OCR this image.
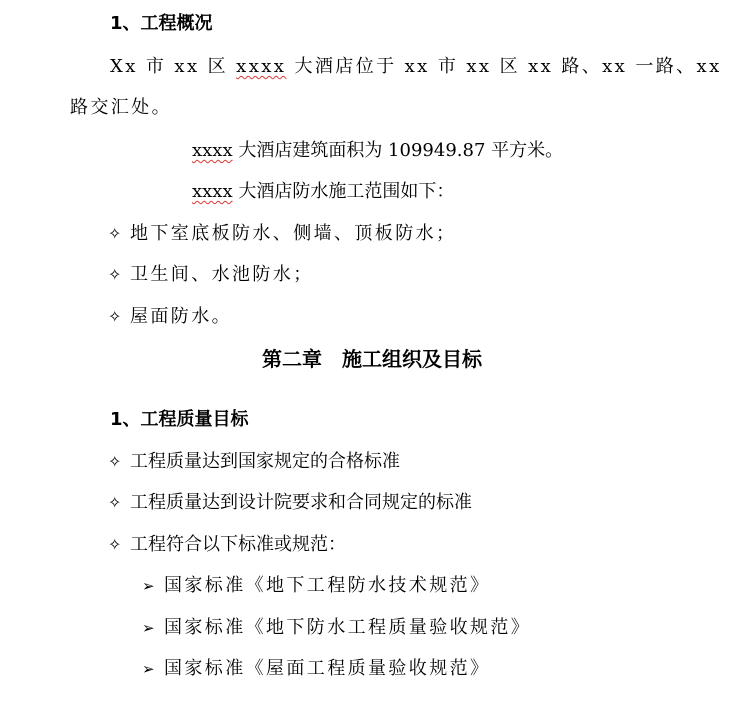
1、工程概况
Xx 市 xx 区 xxxx 大酒店位于 xx 市 xx 区 xx 路、xx 一路、xx
路交汇处。
xxxx 大酒店建筑面积为 109949.87 平方米。
xxxx 大酒店防水施工范围如下：
✧ 地下室底板防水、侧墙、顶板防水；
✧ 卫生间、水池防水；
✧ 屋面防水。
第二章　施工组织及目标
1、工程质量目标
✧ 工程质量达到国家规定的合格标准
✧ 工程质量达到设计院要求和合同规定的标准
✧ 工程符合以下标准或规范：
➢ 国家标准《地下工程防水技术规范》
➢ 国家标准《地下防水工程质量验收规范》
➢ 国家标准《屋面工程质量验收规范》
